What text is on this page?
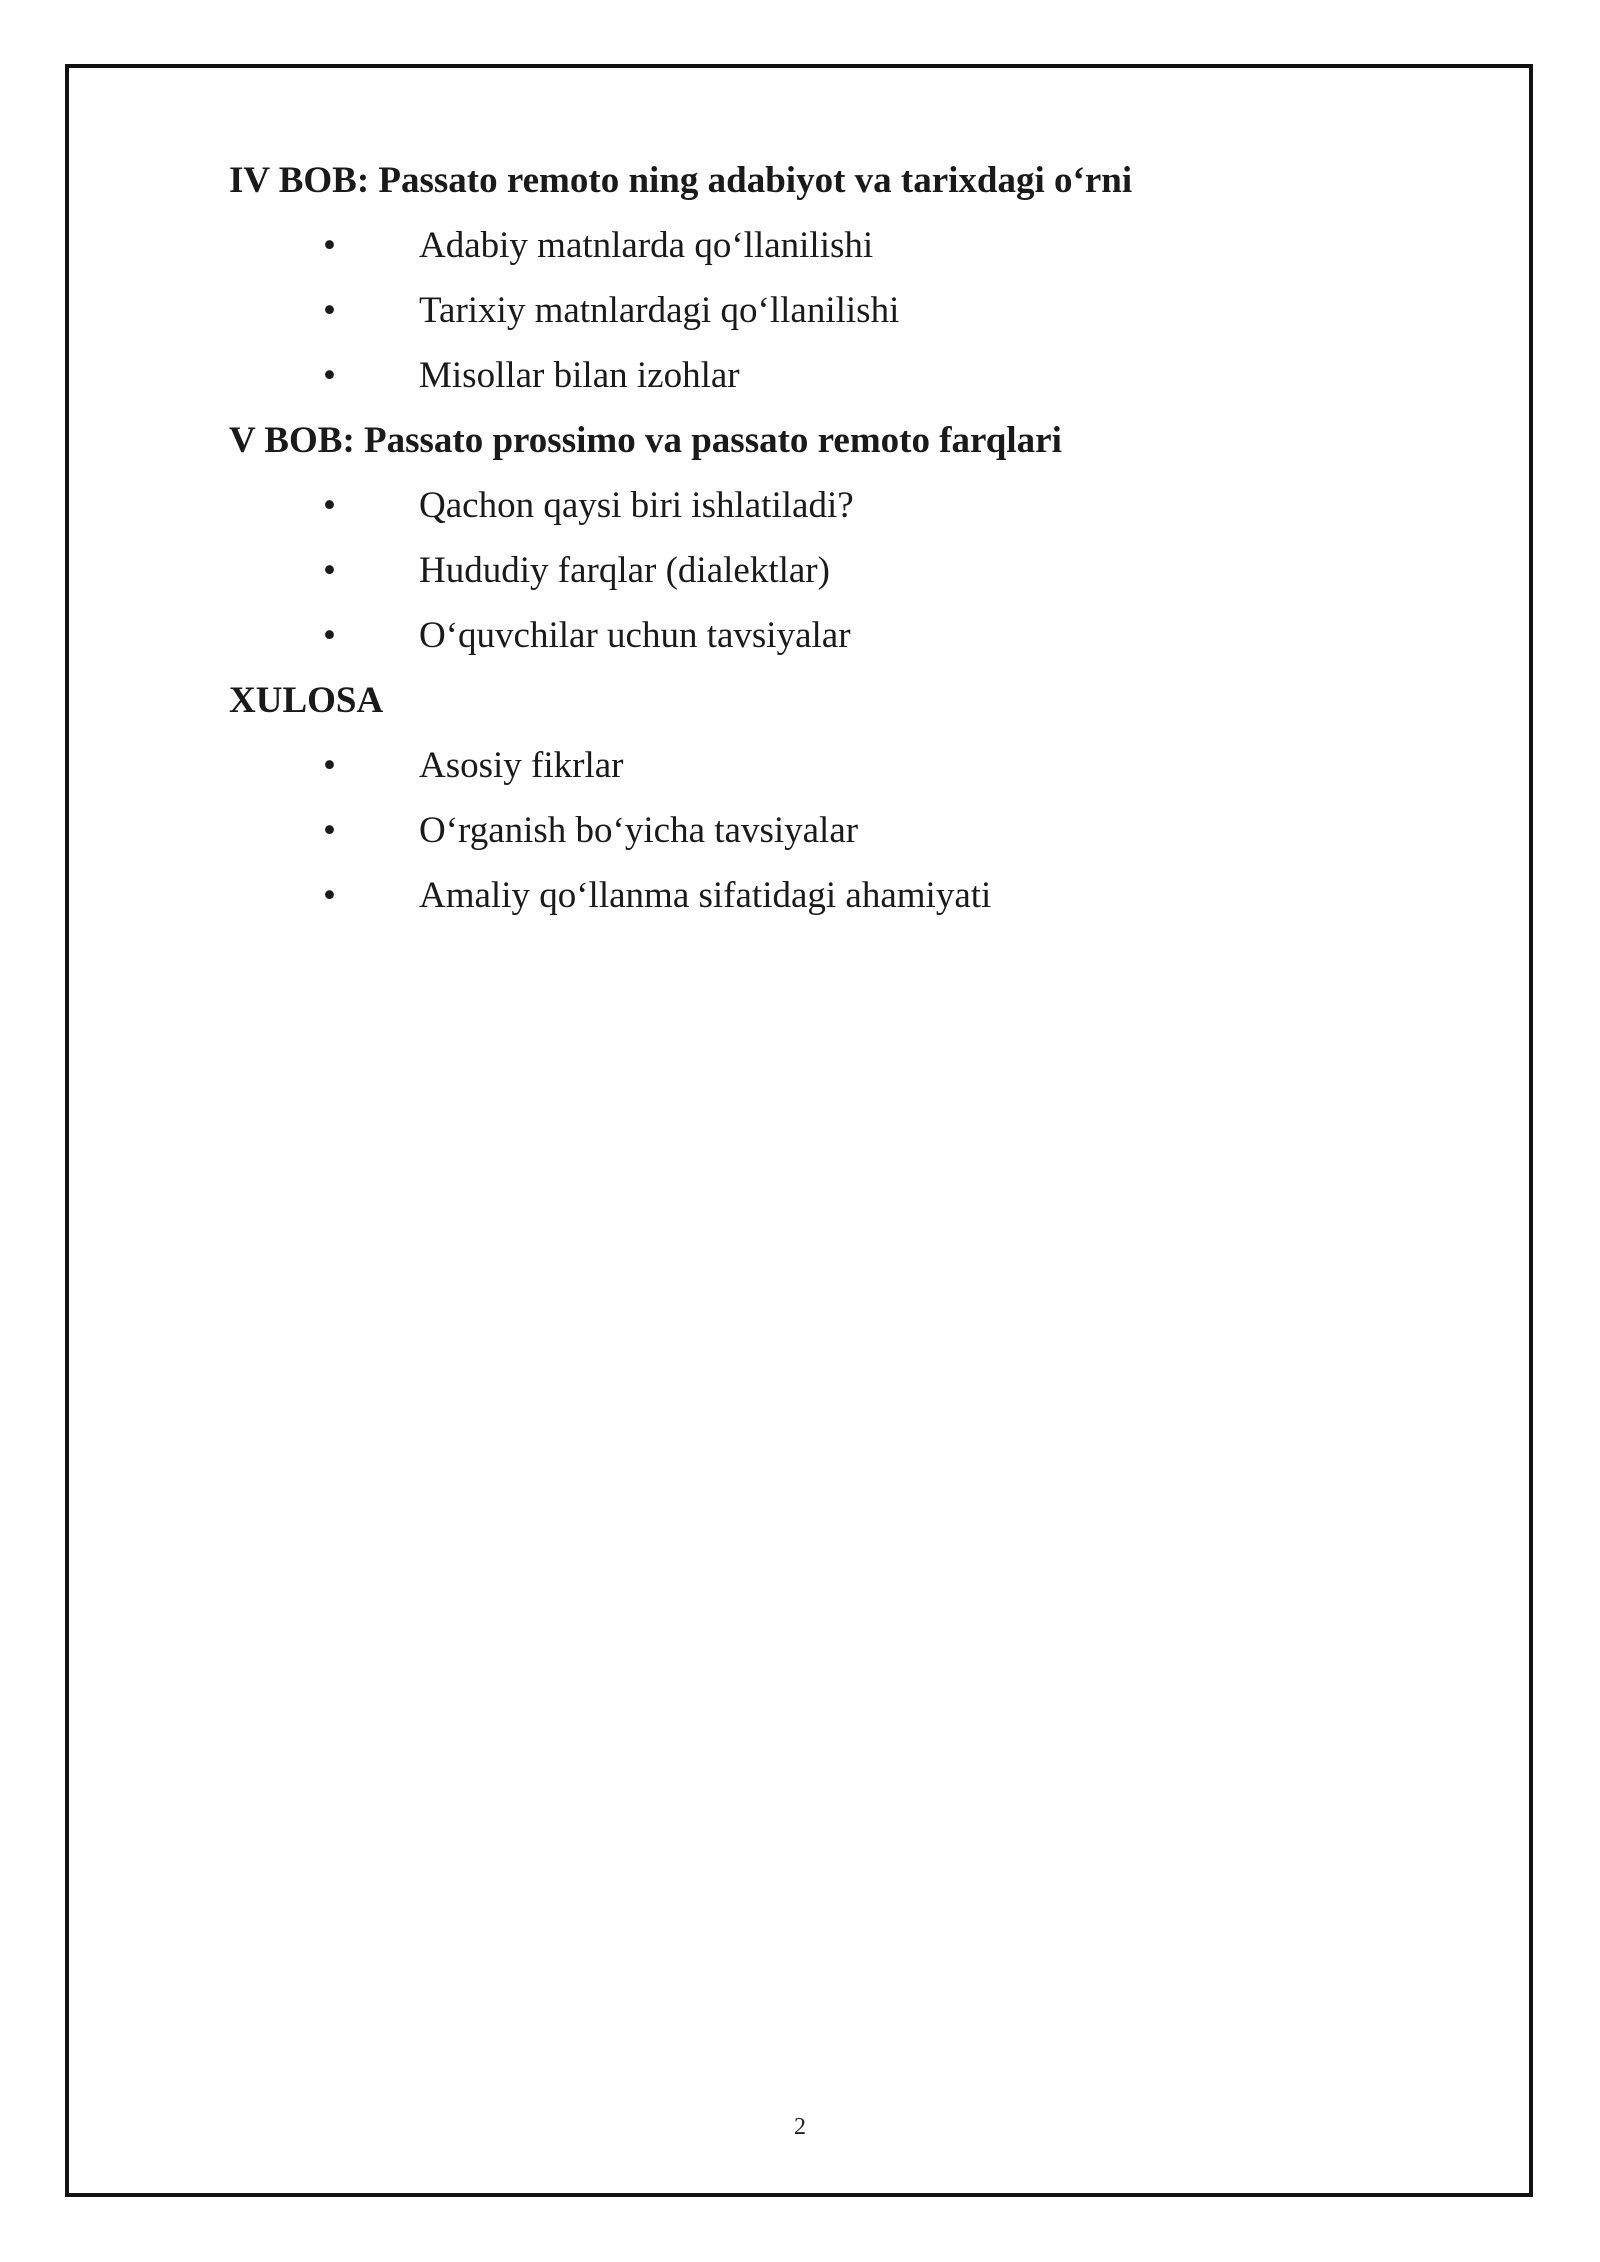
IV BOB: Passato remoto ning adabiyot va tarixdagi o‘rni
• Adabiy matnlarda qo‘llanilishi
• Tarixiy matnlardagi qo‘llanilishi
• Misollar bilan izohlar
V BOB: Passato prossimo va passato remoto farqlari
• Qachon qaysi biri ishlatiladi?
• Hududiy farqlar (dialektlar)
• O‘quvchilar uchun tavsiyalar
XULOSA
• Asosiy fikrlar
• O‘rganish bo‘yicha tavsiyalar
• Amaliy qo‘llanma sifatidagi ahamiyati
2
